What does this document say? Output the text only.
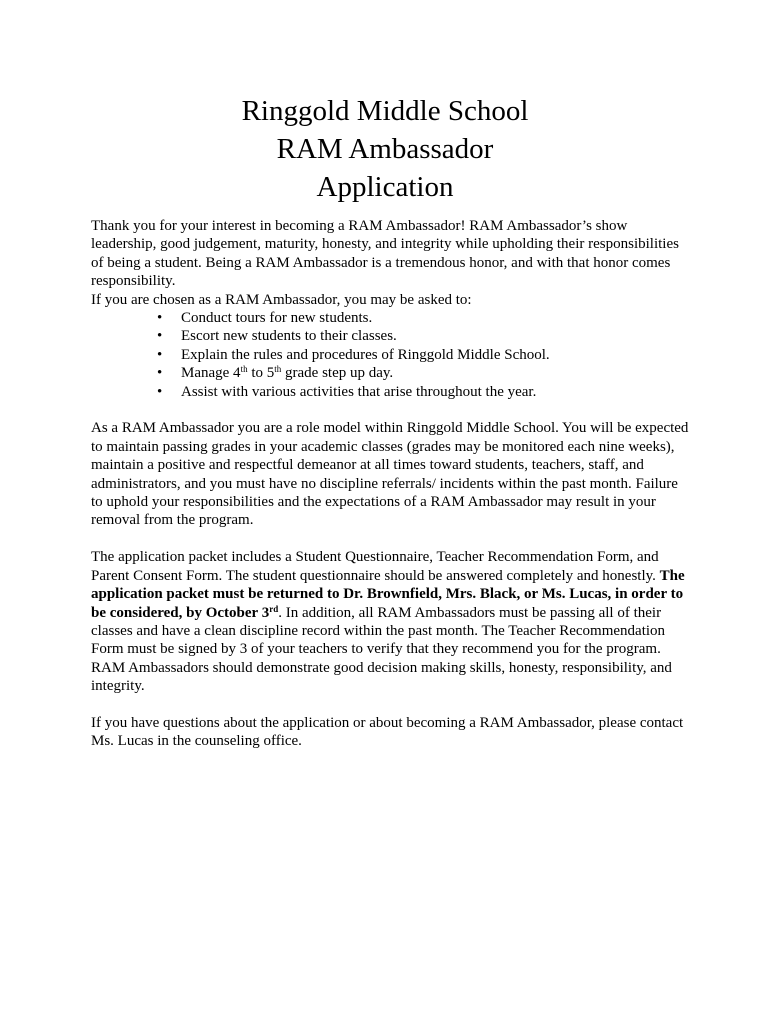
Ringgold Middle School
RAM Ambassador
Application

Thank you for your interest in becoming a RAM Ambassador! RAM Ambassador’s show leadership, good judgement, maturity, honesty, and integrity while upholding their responsibilities of being a student. Being a RAM Ambassador is a tremendous honor, and with that honor comes responsibility.

If you are chosen as a RAM Ambassador, you may be asked to:

• Conduct tours for new students.
• Escort new students to their classes.
• Explain the rules and procedures of Ringgold Middle School.
• Manage 4th to 5th grade step up day.
• Assist with various activities that arise throughout the year.

As a RAM Ambassador you are a role model within Ringgold Middle School. You will be expected to maintain passing grades in your academic classes (grades may be monitored each nine weeks), maintain a positive and respectful demeanor at all times toward students, teachers, staff, and administrators, and you must have no discipline referrals/ incidents within the past month. Failure to uphold your responsibilities and the expectations of a RAM Ambassador may result in your removal from the program.

The application packet includes a Student Questionnaire, Teacher Recommendation Form, and Parent Consent Form. The student questionnaire should be answered completely and honestly. The application packet must be returned to Dr. Brownfield, Mrs. Black, or Ms. Lucas, in order to be considered, by October 3rd. In addition, all RAM Ambassadors must be passing all of their classes and have a clean discipline record within the past month. The Teacher Recommendation Form must be signed by 3 of your teachers to verify that they recommend you for the program. RAM Ambassadors should demonstrate good decision making skills, honesty, responsibility, and integrity.

If you have questions about the application or about becoming a RAM Ambassador, please contact Ms. Lucas in the counseling office.
